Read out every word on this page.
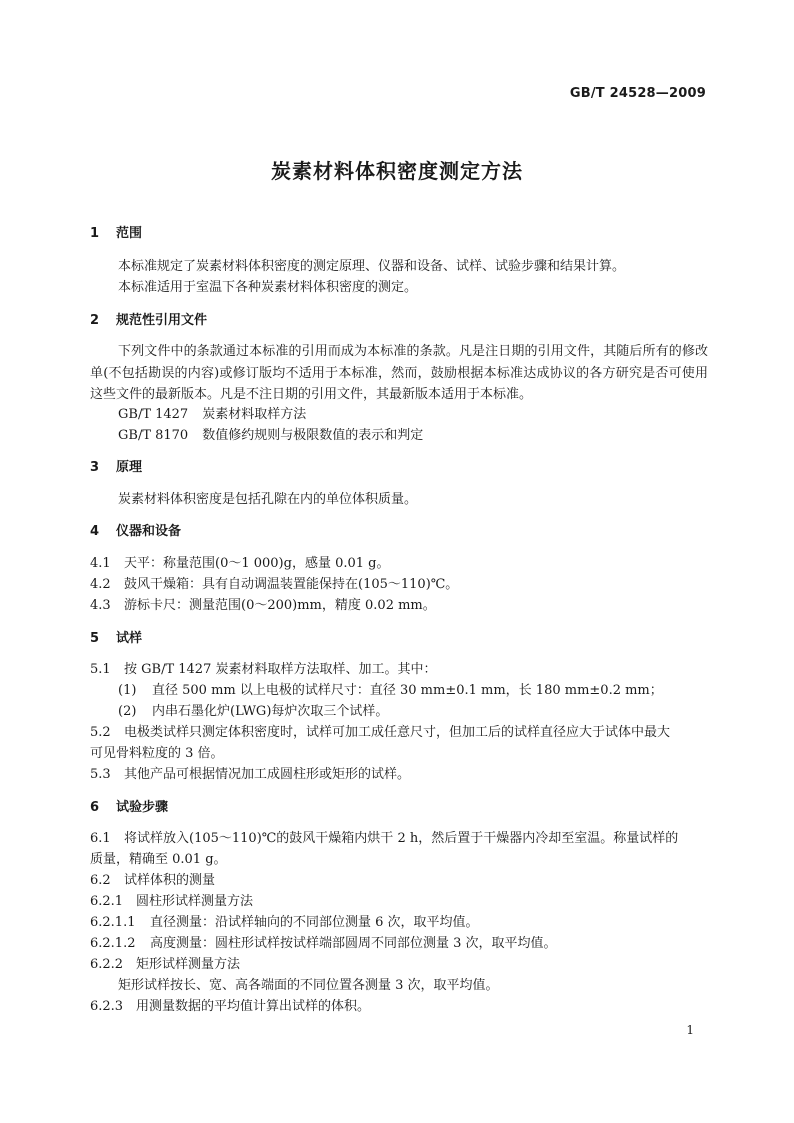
GB/T 24528—2009
炭素材料体积密度测定方法
1 范围
本标准规定了炭素材料体积密度的测定原理、仪器和设备、试样、试验步骤和结果计算。
本标准适用于室温下各种炭素材料体积密度的测定。
2 规范性引用文件
下列文件中的条款通过本标准的引用而成为本标准的条款。凡是注日期的引用文件，其随后所有的修改单(不包括勘误的内容)或修订版均不适用于本标准，然而，鼓励根据本标准达成协议的各方研究是否可使用这些文件的最新版本。凡是不注日期的引用文件，其最新版本适用于本标准。
GB/T 1427 炭素材料取样方法
GB/T 8170 数值修约规则与极限数值的表示和判定
3 原理
炭素材料体积密度是包括孔隙在内的单位体积质量。
4 仪器和设备
4.1 天平：称量范围(0～1 000)g，感量 0.01 g。
4.2 鼓风干燥箱：具有自动调温装置能保持在(105～110)℃。
4.3 游标卡尺：测量范围(0～200)mm，精度 0.02 mm。
5 试样
5.1 按 GB/T 1427 炭素材料取样方法取样、加工。其中：
(1) 直径 500 mm 以上电极的试样尺寸：直径 30 mm±0.1 mm，长 180 mm±0.2 mm；
(2) 内串石墨化炉(LWG)每炉次取三个试样。
5.2 电极类试样只测定体积密度时，试样可加工成任意尺寸，但加工后的试样直径应大于试体中最大
可见骨料粒度的 3 倍。
5.3 其他产品可根据情况加工成圆柱形或矩形的试样。
6 试验步骤
6.1 将试样放入(105～110)℃的鼓风干燥箱内烘干 2 h，然后置于干燥器内冷却至室温。称量试样的
质量，精确至 0.01 g。
6.2 试样体积的测量
6.2.1 圆柱形试样测量方法
6.2.1.1 直径测量：沿试样轴向的不同部位测量 6 次，取平均值。
6.2.1.2 高度测量：圆柱形试样按试样端部圆周不同部位测量 3 次，取平均值。
6.2.2 矩形试样测量方法
矩形试样按长、宽、高各端面的不同位置各测量 3 次，取平均值。
6.2.3 用测量数据的平均值计算出试样的体积。
1
